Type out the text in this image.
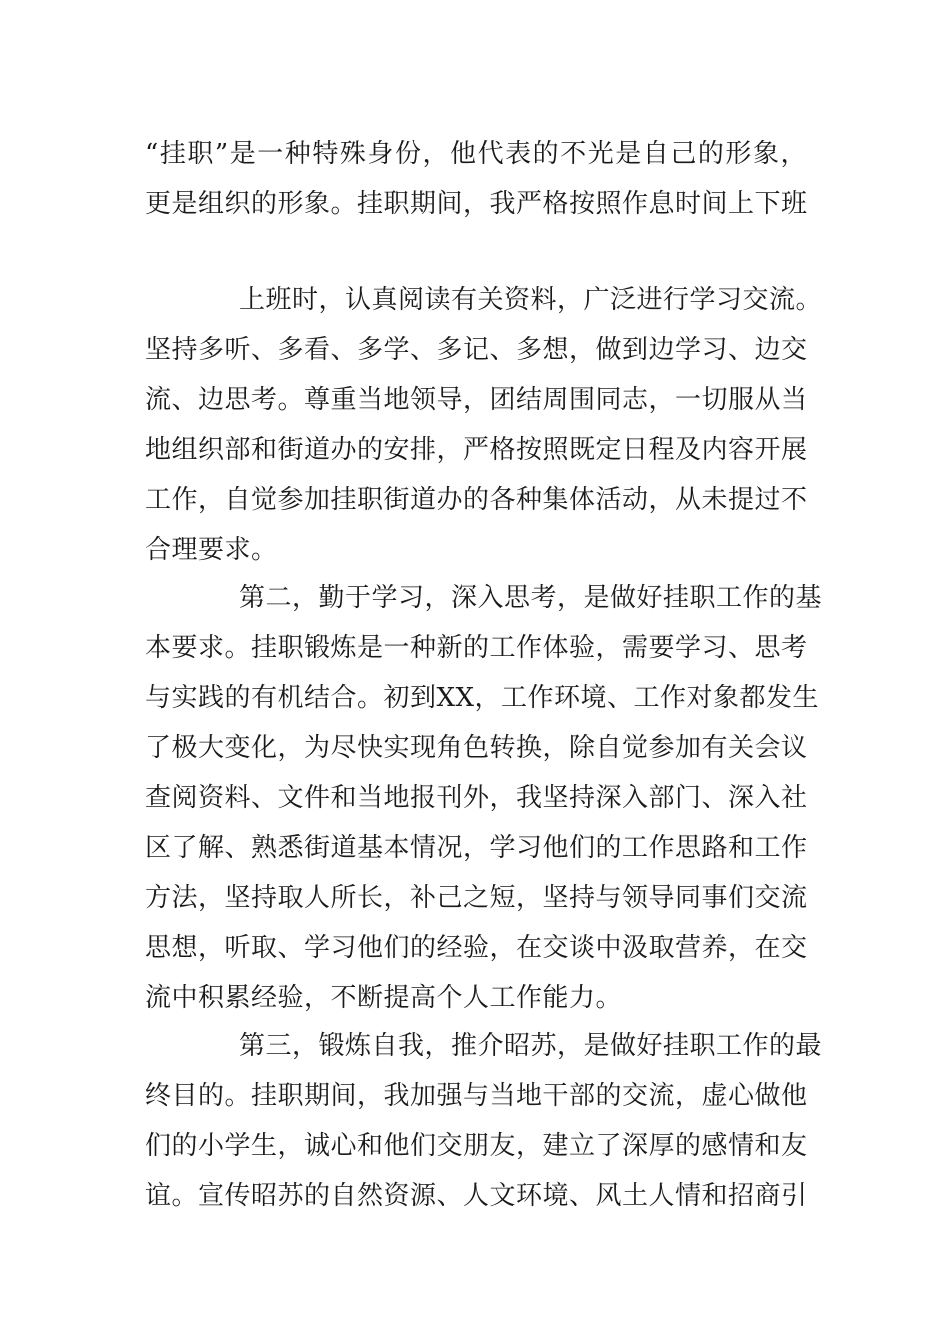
“挂职”是一种特殊身份，他代表的不光是自己的形象，
更是组织的形象。挂职期间，我严格按照作息时间上下班
上班时，认真阅读有关资料，广泛进行学习交流。
坚持多听、多看、多学、多记、多想，做到边学习、边交
流、边思考。尊重当地领导，团结周围同志，一切服从当
地组织部和街道办的安排，严格按照既定日程及内容开展
工作，自觉参加挂职街道办的各种集体活动，从未提过不
合理要求。
第二，勤于学习，深入思考，是做好挂职工作的基
本要求。挂职锻炼是一种新的工作体验，需要学习、思考
与实践的有机结合。初到XX，工作环境、工作对象都发生
了极大变化，为尽快实现角色转换，除自觉参加有关会议
查阅资料、文件和当地报刊外，我坚持深入部门、深入社
区了解、熟悉街道基本情况，学习他们的工作思路和工作
方法，坚持取人所长，补己之短，坚持与领导同事们交流
思想，听取、学习他们的经验，在交谈中汲取营养，在交
流中积累经验，不断提高个人工作能力。
第三，锻炼自我，推介昭苏，是做好挂职工作的最
终目的。挂职期间，我加强与当地干部的交流，虚心做他
们的小学生，诚心和他们交朋友，建立了深厚的感情和友
谊。宣传昭苏的自然资源、人文环境、风土人情和招商引
